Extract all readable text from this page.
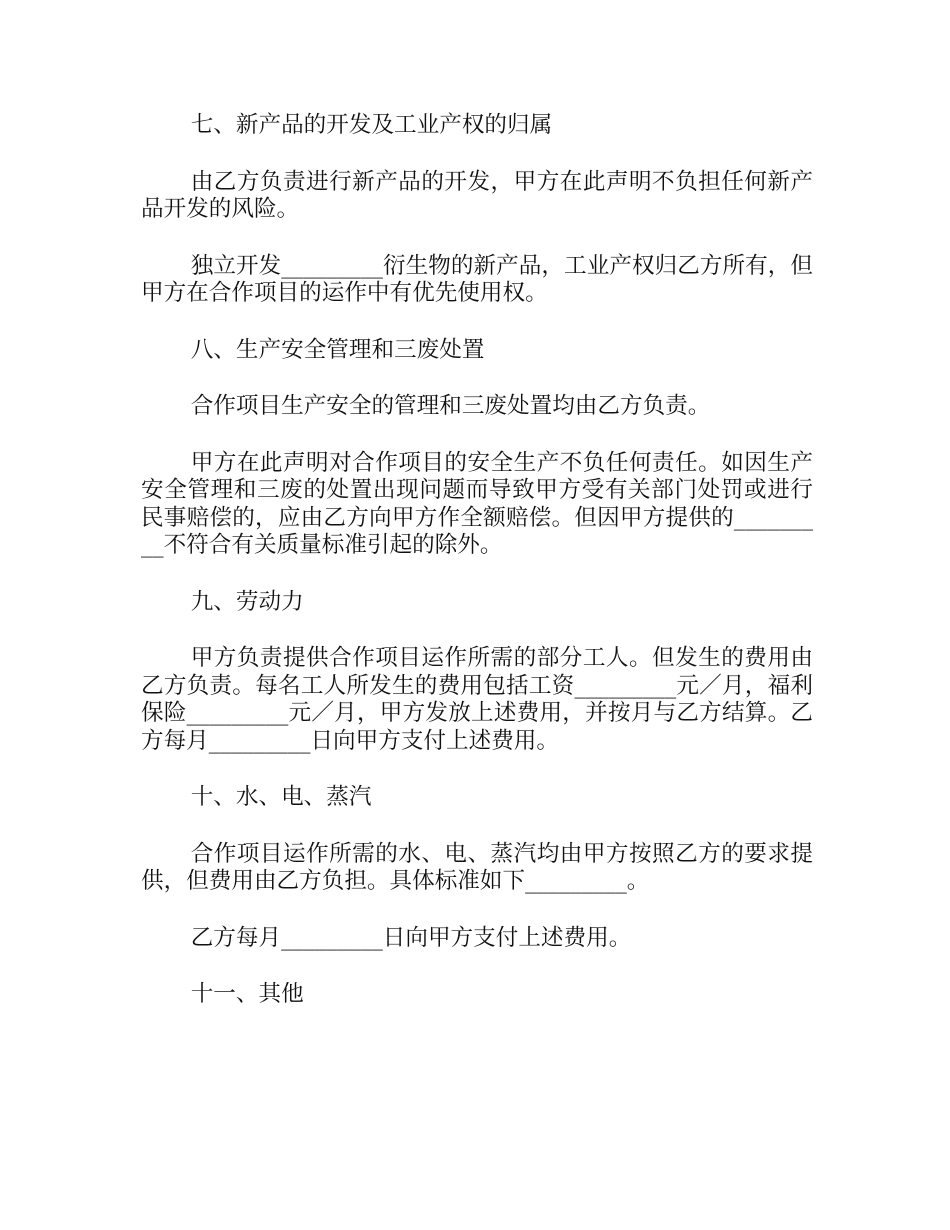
七、新产品的开发及工业产权的归属

由乙方负责进行新产品的开发，甲方在此声明不负担任何新产品开发的风险。

独立开发_________衍生物的新产品，工业产权归乙方所有，但甲方在合作项目的运作中有优先使用权。

八、生产安全管理和三废处置

合作项目生产安全的管理和三废处置均由乙方负责。

甲方在此声明对合作项目的安全生产不负任何责任。如因生产安全管理和三废的处置出现问题而导致甲方受有关部门处罚或进行民事赔偿的，应由乙方向甲方作全额赔偿。但因甲方提供的_________不符合有关质量标准引起的除外。

九、劳动力

甲方负责提供合作项目运作所需的部分工人。但发生的费用由乙方负责。每名工人所发生的费用包括工资_________元／月，福利保险_________元／月，甲方发放上述费用，并按月与乙方结算。乙方每月_________日向甲方支付上述费用。

十、水、电、蒸汽

合作项目运作所需的水、电、蒸汽均由甲方按照乙方的要求提供，但费用由乙方负担。具体标准如下_________。

乙方每月_________日向甲方支付上述费用。

十一、其他
